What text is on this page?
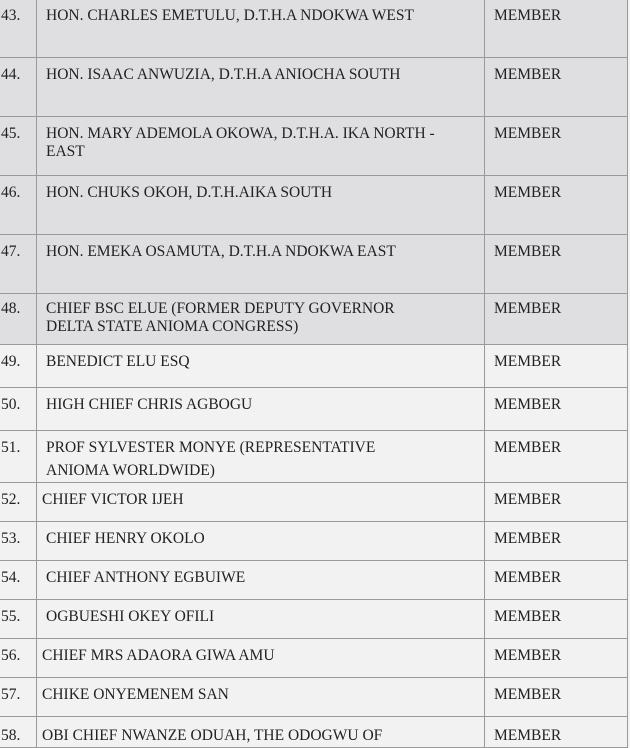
43.	HON. CHARLES EMETULU, D.T.H.A NDOKWA WEST	MEMBER

44.	HON. ISAAC ANWUZIA, D.T.H.A ANIOCHA SOUTH	MEMBER

45.	HON. MARY ADEMOLA OKOWA, D.T.H.A. IKA NORTH -
EAST	MEMBER

46.	HON. CHUKS OKOH, D.T.H.AIKA SOUTH	MEMBER

47.	HON. EMEKA OSAMUTA, D.T.H.A NDOKWA EAST	MEMBER

48.	CHIEF BSC ELUE (FORMER DEPUTY GOVERNOR
DELTA STATE ANIOMA CONGRESS)	MEMBER

49.	BENEDICT ELU ESQ	MEMBER

50.	HIGH CHIEF CHRIS AGBOGU	MEMBER

51.	PROF SYLVESTER MONYE (REPRESENTATIVE
ANIOMA WORLDWIDE)	MEMBER

52.	CHIEF VICTOR IJEH	MEMBER

53.	CHIEF HENRY OKOLO	MEMBER

54.	CHIEF ANTHONY EGBUIWE	MEMBER

55.	OGBUESHI OKEY OFILI	MEMBER

56.	CHIEF MRS ADAORA GIWA AMU	MEMBER

57.	CHIKE ONYEMENEM SAN	MEMBER

58.	OBI CHIEF NWANZE ODUAH, THE ODOGWU OF	MEMBER
